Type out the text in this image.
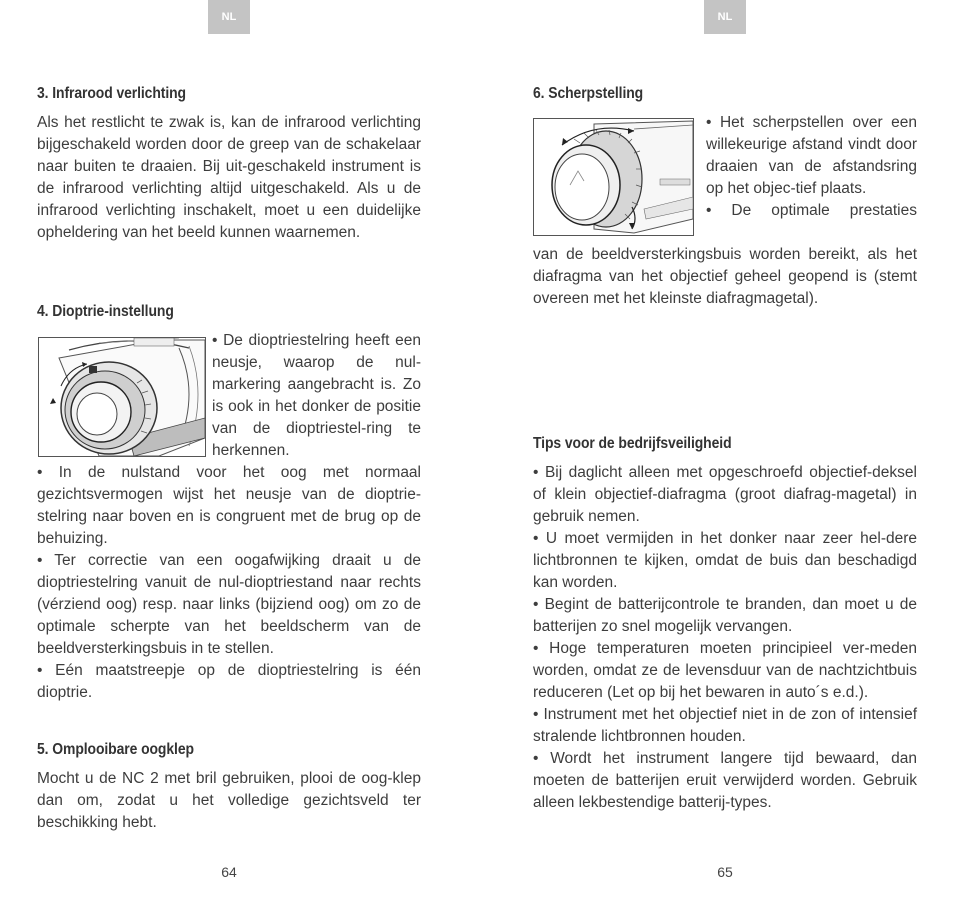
NL
3. Infrarood verlichting

Als het restlicht te zwak is, kan de infrarood verlichting bijgeschakeld worden door de greep van de schakelaar naar buiten te draaien. Bij uit-geschakeld instrument is de infrarood verlichting altijd uitgeschakeld. Als u de infrarood verlichting inschakelt, moet u een duidelijke opheldering van het beeld kunnen waarnemen.

4. Dioptrie-instellung

• De dioptriestelring heeft een neusje, waarop de nul-markering aangebracht is. Zo is ook in het donker de positie van de dioptriestel-ring te herkennen.

• In de nulstand voor het oog met normaal gezichtsvermogen wijst het neusje van de dioptrie-stelring naar boven en is congruent met de brug op de behuizing.

• Ter correctie van een oogafwijking draait u de dioptriestelring vanuit de nul-dioptriestand naar rechts (vérziend oog) resp. naar links (bijziend oog) om zo de optimale scherpte van het beeldscherm van de beeldversterkingsbuis in te stellen.

• Eén maatstreepje op de dioptriestelring is één dioptrie.

5. Omplooibare oogklep

Mocht u de NC 2 met bril gebruiken, plooi de oog-klep dan om, zodat u het volledige gezichtsveld ter beschikking hebt.

64
NL
6. Scherpstelling

• Het scherpstellen over een willekeurige afstand vindt door draaien van de afstandsring op het objec-tief plaats.

• De optimale prestaties

van de beeldversterkingsbuis worden bereikt, als het diafragma van het objectief geheel geopend is (stemt overeen met het kleinste diafragmagetal).

Tips voor de bedrijfsveiligheid

• Bij daglicht alleen met opgeschroefd objectief-deksel of klein objectief-diafragma (groot diafrag-magetal) in gebruik nemen.

• U moet vermijden in het donker naar zeer hel-dere lichtbronnen te kijken, omdat de buis dan beschadigd kan worden.

• Begint de batterijcontrole te branden, dan moet u de batterijen zo snel mogelijk vervangen.

• Hoge temperaturen moeten principieel ver-meden worden, omdat ze de levensduur van de nachtzichtbuis reduceren (Let op bij het bewaren in auto´s e.d.).

• Instrument met het objectief niet in de zon of intensief stralende lichtbronnen houden.

• Wordt het instrument langere tijd bewaard, dan moeten de batterijen eruit verwijderd worden. Gebruik alleen lekbestendige batterij-types.

65
